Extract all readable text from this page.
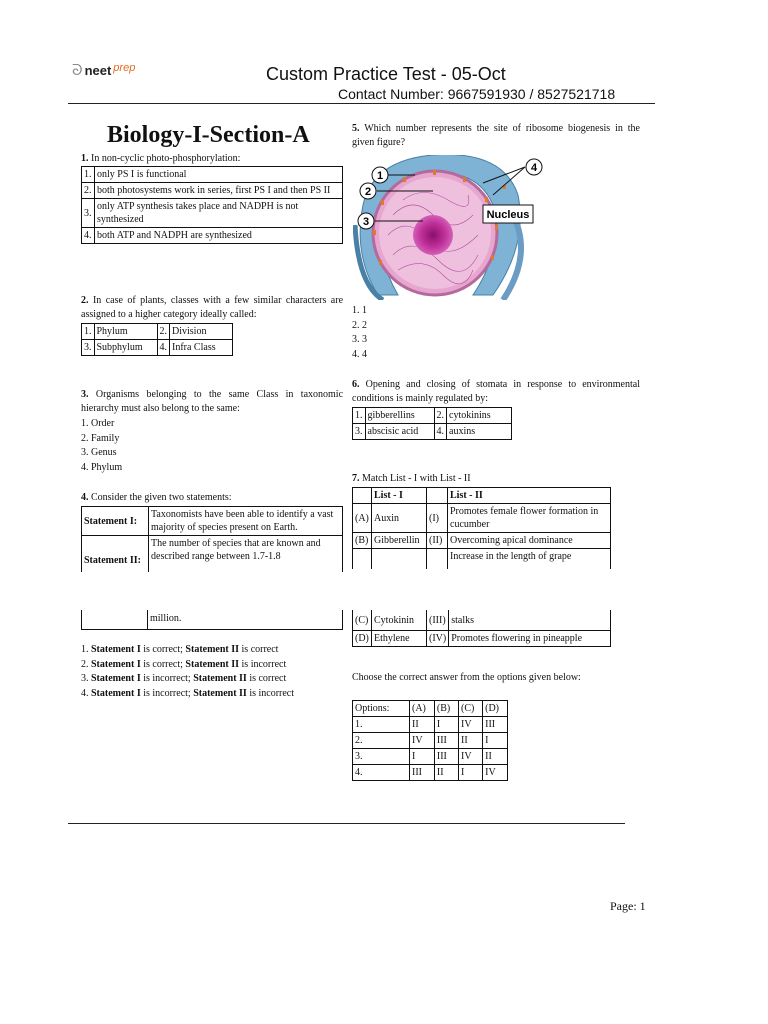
ᘐ neet prep	Custom Practice Test - 05-Oct
Contact Number: 9667591930 / 8527521718
Biology-I-Section-A
1. In non-cyclic photo-phosphorylation:
1.	only PS I is functional
2.	both photosystems work in series, first PS I and then PS II
3.	only ATP synthesis takes place and NADPH is not synthesized
4.	both ATP and NADPH are synthesized
2. In case of plants, classes with a few similar characters are assigned to a higher category ideally called:
1.	Phylum	2.	Division
3.	Subphylum	4.	Infra Class
3. Organisms belonging to the same Class in taxonomic hierarchy must also belong to the same:
1. Order
2. Family
3. Genus
4. Phylum
4. Consider the given two statements:
Statement I:	Taxonomists have been able to identify a vast majority of species present on Earth.
Statement II:	The number of species that are known and described range between 1.7-1.8
million.
1. Statement I is correct; Statement II is correct
2. Statement I is correct; Statement II is incorrect
3. Statement I is incorrect; Statement II is correct
4. Statement I is incorrect; Statement II is incorrect
5. Which number represents the site of ribosome biogenesis in the given figure?
1
2
3
4
Nucleus
1. 1
2. 2
3. 3
4. 4
6. Opening and closing of stomata in response to environmental conditions is mainly regulated by:
1.	gibberellins	2.	cytokinins
3.	abscisic acid	4.	auxins
7. Match List - I with List - II
	List - I		List - II
(A)	Auxin	(I)	Promotes female flower formation in cucumber
(B)	Gibberellin	(II)	Overcoming apical dominance
			Increase in the length of grape
(C)	Cytokinin	(III)	stalks
(D)	Ethylene	(IV)	Promotes flowering in pineapple
Choose the correct answer from the options given below:
Options:	(A)	(B)	(C)	(D)
1.	II	I	IV	III
2.	IV	III	II	I
3.	I	III	IV	II
4.	III	II	I	IV
Page: 1
